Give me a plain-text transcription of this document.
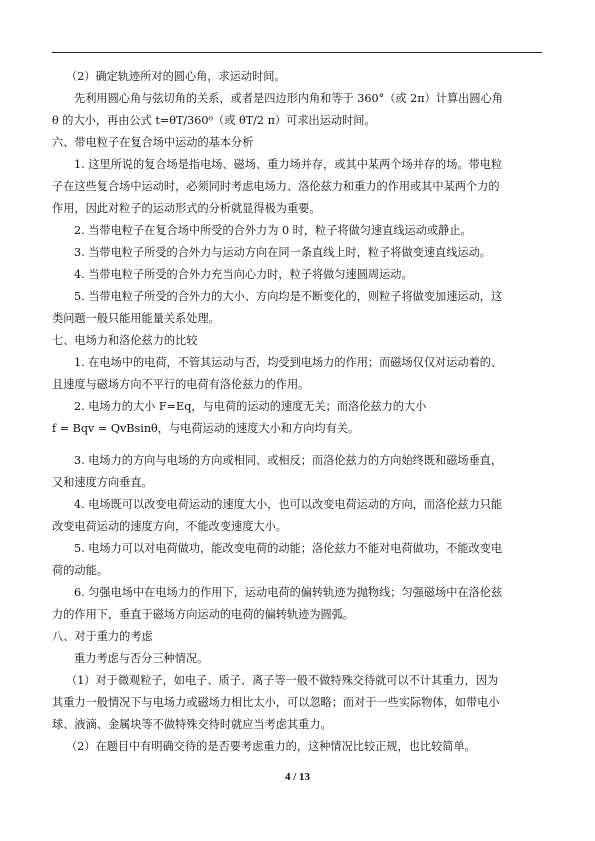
（2）确定轨迹所对的圆心角，求运动时间。

先利用圆心角与弦切角的关系，或者是四边形内角和等于 360°（或 2π）计算出圆心角

θ 的大小，再由公式 t=θT/360⁰（或 θT/2 π）可求出运动时间。

六、带电粒子在复合场中运动的基本分析

1. 这里所说的复合场是指电场、磁场、重力场并存，或其中某两个场并存的场。带电粒

子在这些复合场中运动时，必须同时考虑电场力、洛伦兹力和重力的作用或其中某两个力的

作用，因此对粒子的运动形式的分析就显得极为重要。

2. 当带电粒子在复合场中所受的合外力为 0 时，粒子将做匀速直线运动或静止。

3. 当带电粒子所受的合外力与运动方向在同一条直线上时，粒子将做变速直线运动。

4. 当带电粒子所受的合外力充当向心力时，粒子将做匀速圆周运动。

5. 当带电粒子所受的合外力的大小、方向均是不断变化的，则粒子将做变加速运动，这

类问题一般只能用能量关系处理。

七、电场力和洛伦兹力的比较

1. 在电场中的电荷，不管其运动与否，均受到电场力的作用；而磁场仅仅对运动着的、

且速度与磁场方向不平行的电荷有洛伦兹力的作用。

2. 电场力的大小 F=Eq，与电荷的运动的速度无关；而洛伦兹力的大小

f = Bqv = QvBsinθ，与电荷运动的速度大小和方向均有关。

3. 电场力的方向与电场的方向或相同、或相反；而洛伦兹力的方向始终既和磁场垂直，

又和速度方向垂直。

4. 电场既可以改变电荷运动的速度大小，也可以改变电荷运动的方向，而洛伦兹力只能

改变电荷运动的速度方向，不能改变速度大小。

5. 电场力可以对电荷做功，能改变电荷的动能；洛伦兹力不能对电荷做功，不能改变电

荷的动能。

6. 匀强电场中在电场力的作用下，运动电荷的偏转轨迹为抛物线；匀强磁场中在洛伦兹

力的作用下，垂直于磁场方向运动的电荷的偏转轨迹为圆弧。

八、对于重力的考虑

重力考虑与否分三种情况。

（1）对于微观粒子，如电子、质子、离子等一般不做特殊交待就可以不计其重力，因为

其重力一般情况下与电场力或磁场力相比太小，可以忽略；而对于一些实际物体，如带电小

球、液滴、金属块等不做特殊交待时就应当考虑其重力。

（2）在题目中有明确交待的是否要考虑重力的，这种情况比较正规，也比较简单。

4 / 13
